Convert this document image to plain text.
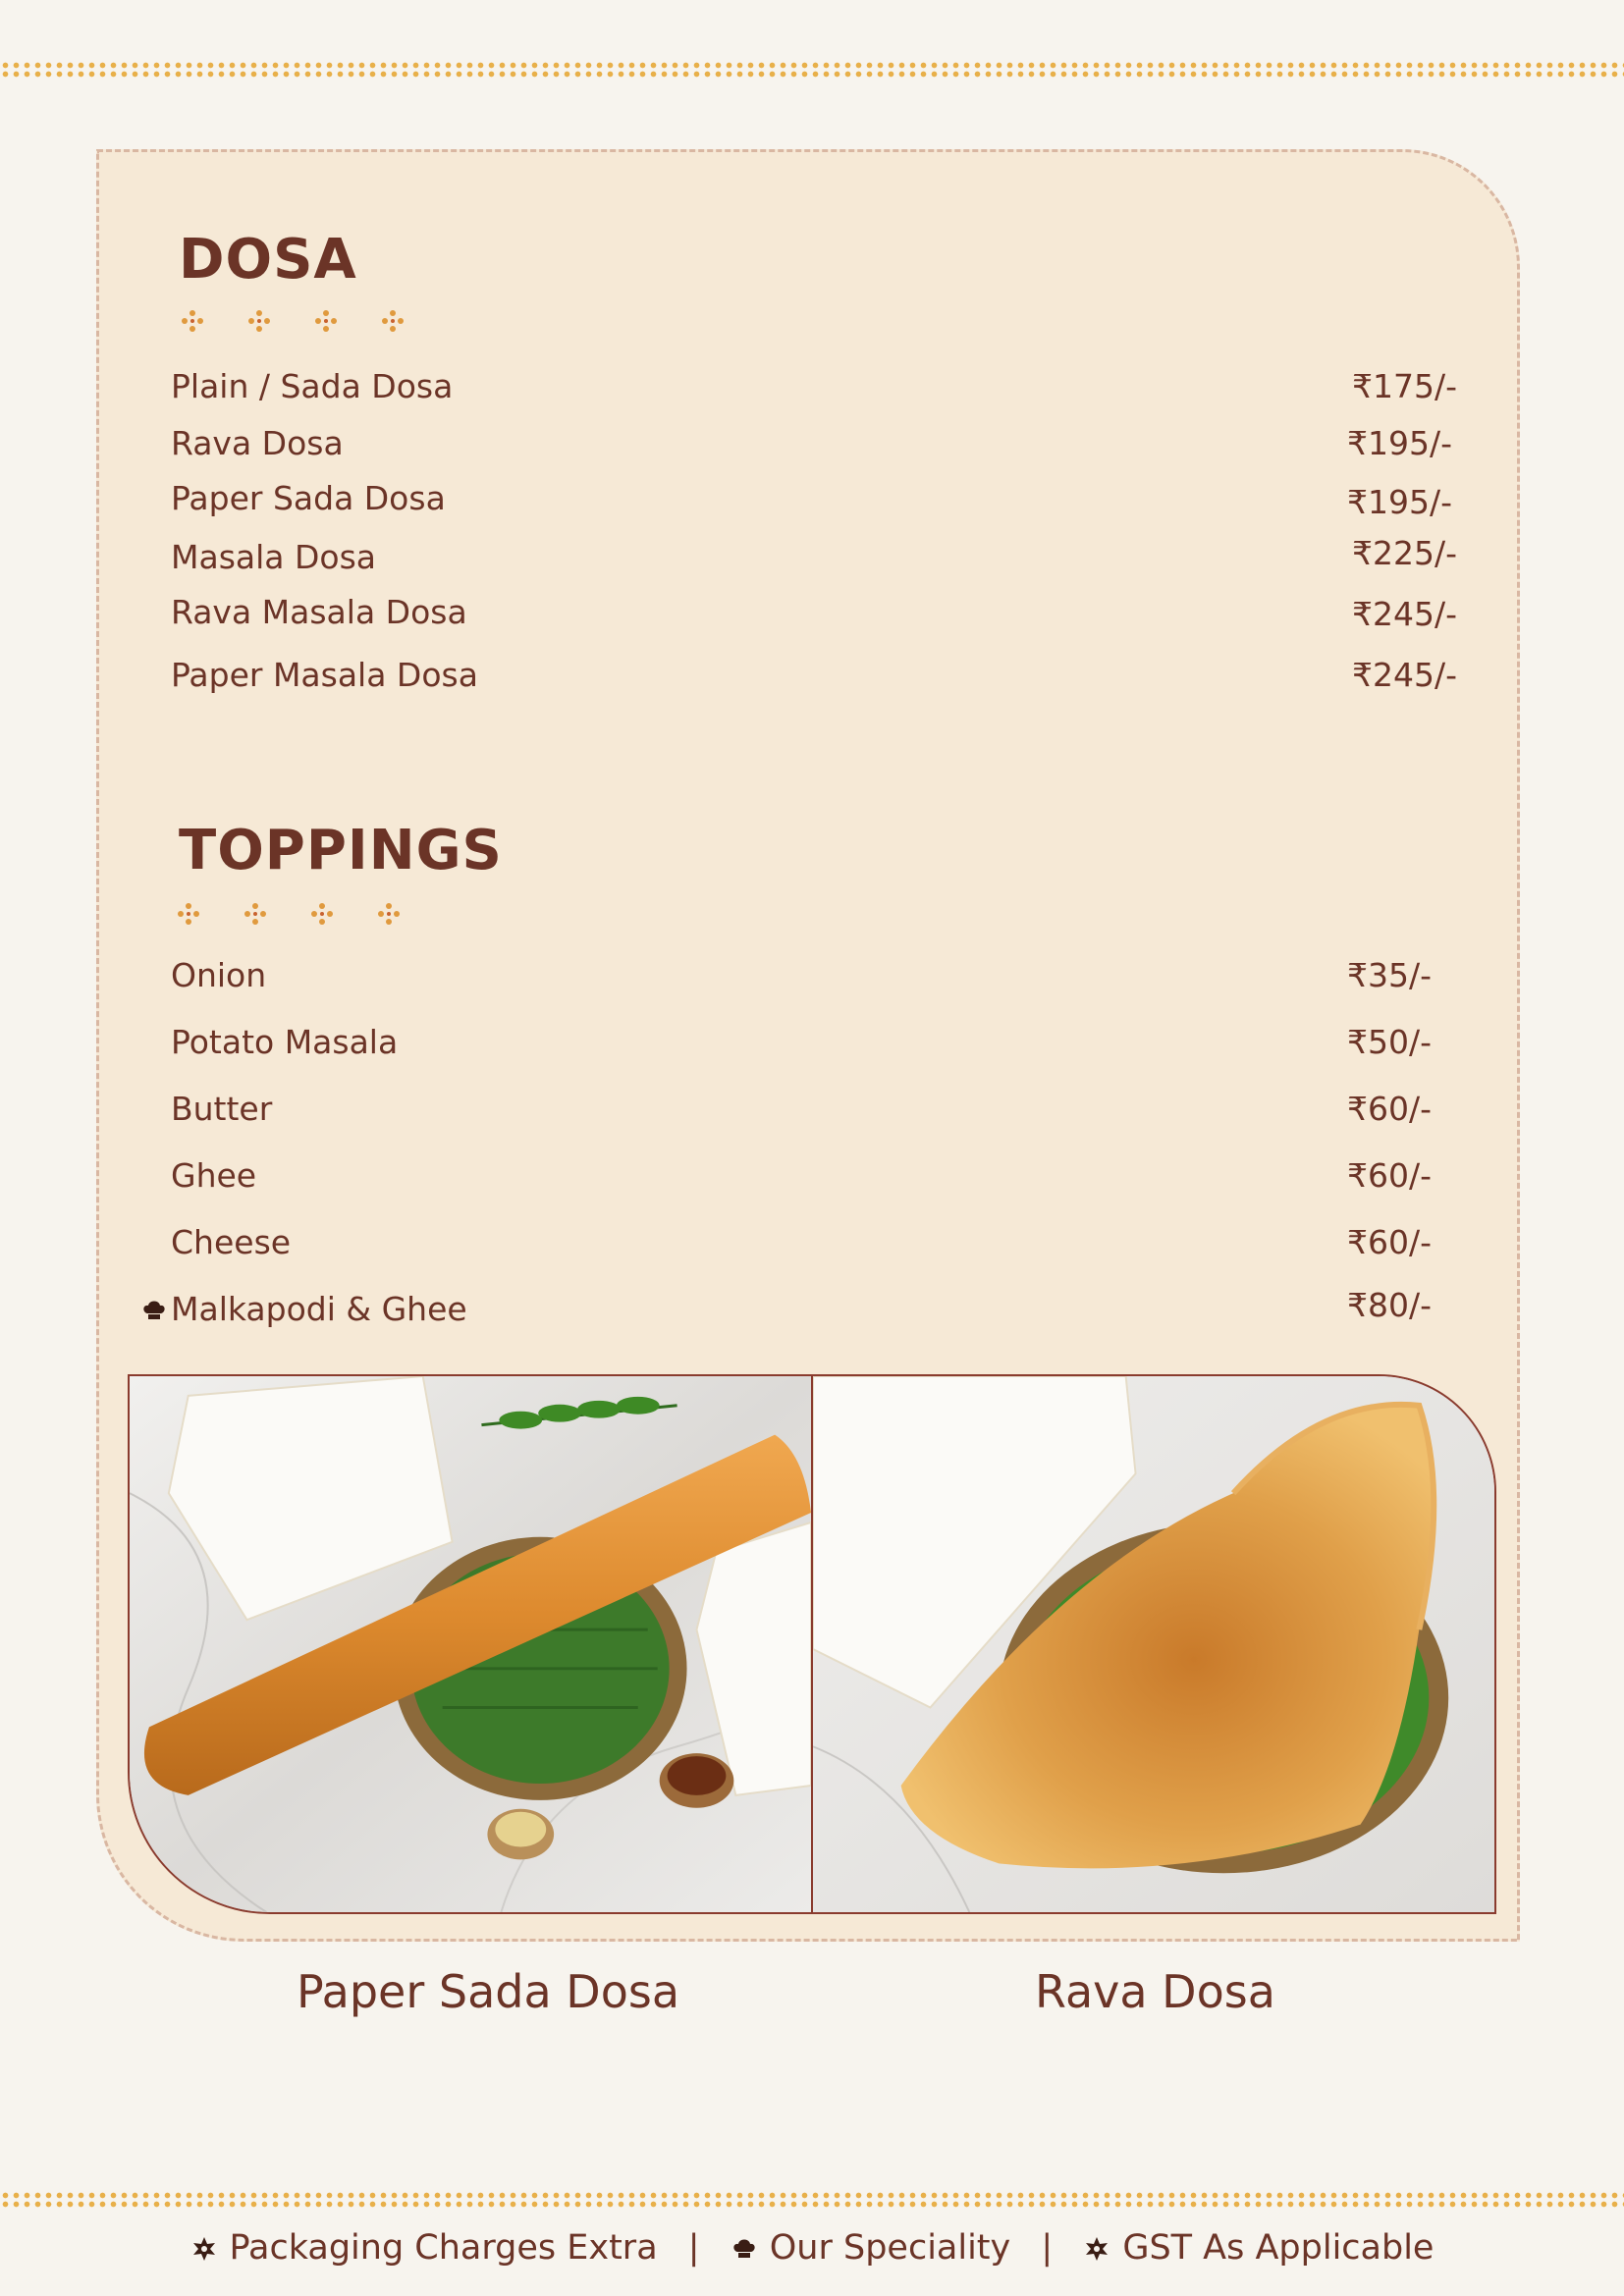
DOSA
Plain / Sada Dosa	₹175/-
Rava Dosa	₹195/-
Paper Sada Dosa	₹195/-
Masala Dosa	₹225/-
Rava Masala Dosa	₹245/-
Paper Masala Dosa	₹245/-
TOPPINGS
Onion	₹35/-
Potato Masala	₹50/-
Butter	₹60/-
Ghee	₹60/-
Cheese	₹60/-
Malkapodi & Ghee	₹80/-
Paper Sada Dosa	Rava Dosa
Packaging Charges Extra | Our Speciality | GST As Applicable
